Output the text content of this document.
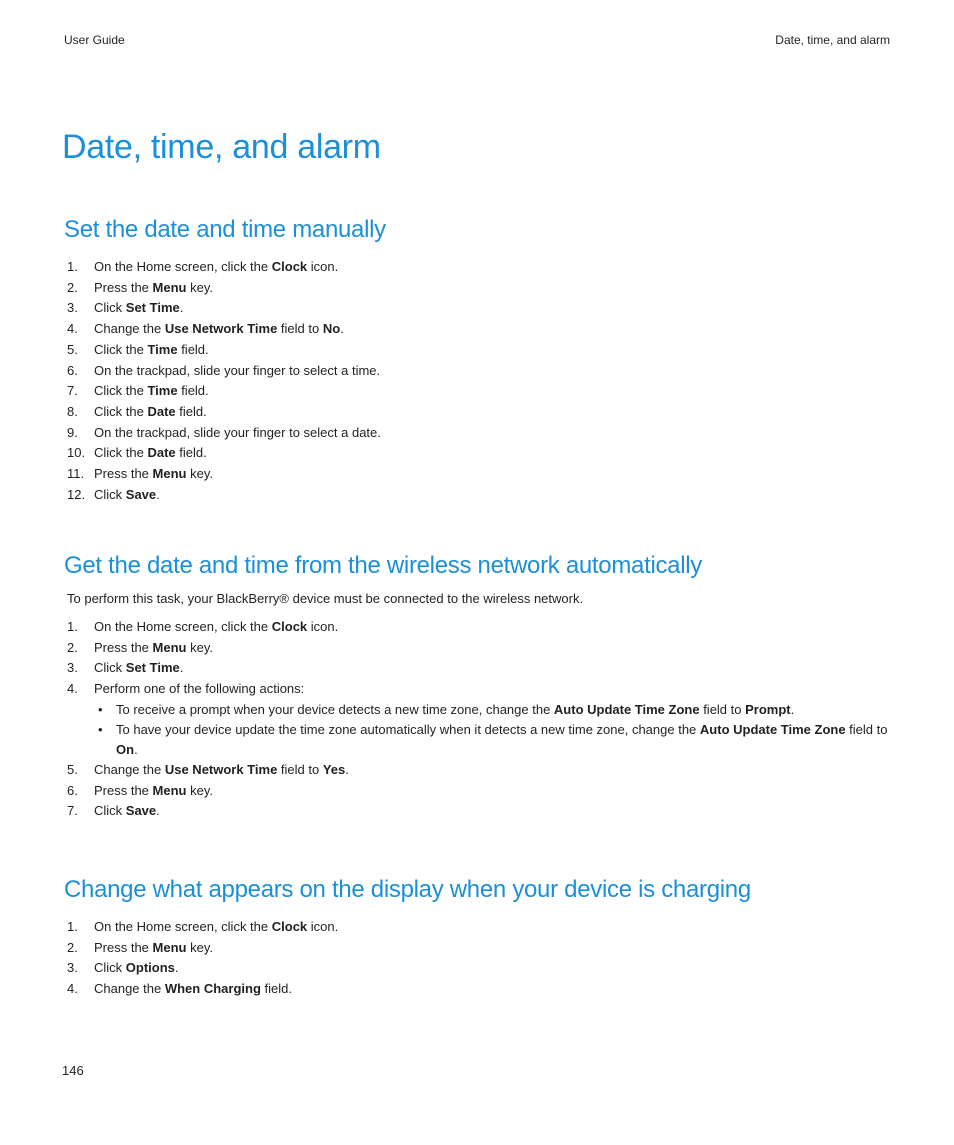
User Guide	Date, time, and alarm
Date, time, and alarm
Set the date and time manually
1. On the Home screen, click the Clock icon.
2. Press the Menu key.
3. Click Set Time.
4. Change the Use Network Time field to No.
5. Click the Time field.
6. On the trackpad, slide your finger to select a time.
7. Click the Time field.
8. Click the Date field.
9. On the trackpad, slide your finger to select a date.
10. Click the Date field.
11. Press the Menu key.
12. Click Save.
Get the date and time from the wireless network automatically
To perform this task, your BlackBerry® device must be connected to the wireless network.
1. On the Home screen, click the Clock icon.
2. Press the Menu key.
3. Click Set Time.
4. Perform one of the following actions:
• To receive a prompt when your device detects a new time zone, change the Auto Update Time Zone field to Prompt.
• To have your device update the time zone automatically when it detects a new time zone, change the Auto Update Time Zone field to On.
5. Change the Use Network Time field to Yes.
6. Press the Menu key.
7. Click Save.
Change what appears on the display when your device is charging
1. On the Home screen, click the Clock icon.
2. Press the Menu key.
3. Click Options.
4. Change the When Charging field.
146
